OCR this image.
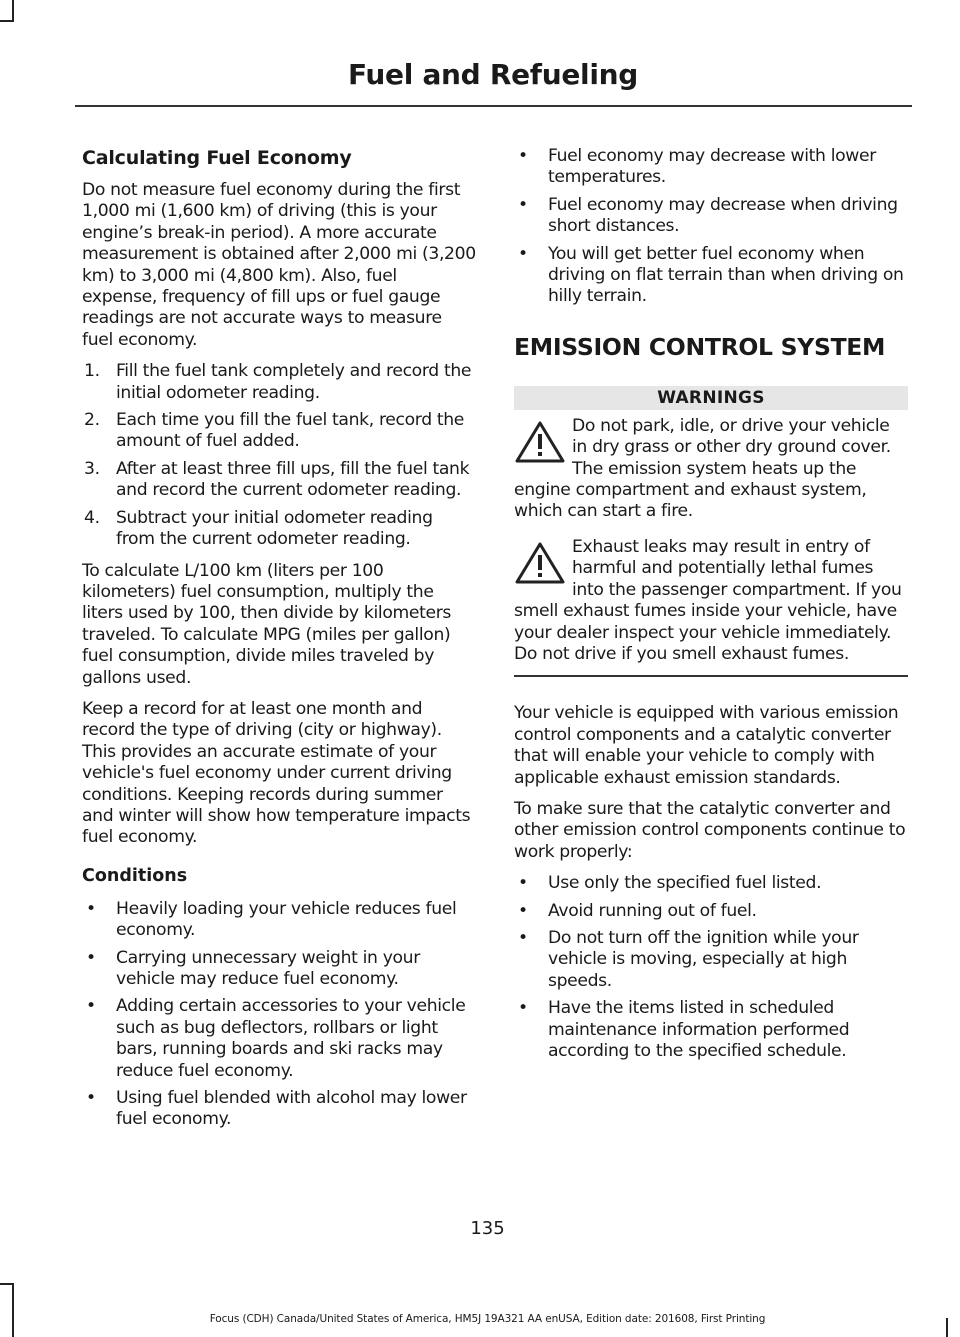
Fuel and Refueling
Calculating Fuel Economy

Do not measure fuel economy during the first 1,000 mi (1,600 km) of driving (this is your engine’s break-in period). A more accurate measurement is obtained after 2,000 mi (3,200 km) to 3,000 mi (4,800 km). Also, fuel expense, frequency of fill ups or fuel gauge readings are not accurate ways to measure fuel economy.

1. Fill the fuel tank completely and record the initial odometer reading.
2. Each time you fill the fuel tank, record the amount of fuel added.
3. After at least three fill ups, fill the fuel tank and record the current odometer reading.
4. Subtract your initial odometer reading from the current odometer reading.

To calculate L/100 km (liters per 100 kilometers) fuel consumption, multiply the liters used by 100, then divide by kilometers traveled. To calculate MPG (miles per gallon) fuel consumption, divide miles traveled by gallons used.

Keep a record for at least one month and record the type of driving (city or highway). This provides an accurate estimate of your vehicle's fuel economy under current driving conditions. Keeping records during summer and winter will show how temperature impacts fuel economy.

Conditions
• Heavily loading your vehicle reduces fuel economy.
• Carrying unnecessary weight in your vehicle may reduce fuel economy.
• Adding certain accessories to your vehicle such as bug deflectors, rollbars or light bars, running boards and ski racks may reduce fuel economy.
• Using fuel blended with alcohol may lower fuel economy.
• Fuel economy may decrease with lower temperatures.
• Fuel economy may decrease when driving short distances.
• You will get better fuel economy when driving on flat terrain than when driving on hilly terrain.
EMISSION CONTROL SYSTEM
WARNINGS

Do not park, idle, or drive your vehicle in dry grass or other dry ground cover. The emission system heats up the engine compartment and exhaust system, which can start a fire.

Exhaust leaks may result in entry of harmful and potentially lethal fumes into the passenger compartment. If you smell exhaust fumes inside your vehicle, have your dealer inspect your vehicle immediately. Do not drive if you smell exhaust fumes.

Your vehicle is equipped with various emission control components and a catalytic converter that will enable your vehicle to comply with applicable exhaust emission standards.

To make sure that the catalytic converter and other emission control components continue to work properly:

• Use only the specified fuel listed.
• Avoid running out of fuel.
• Do not turn off the ignition while your vehicle is moving, especially at high speeds.
• Have the items listed in scheduled maintenance information performed according to the specified schedule.
135
Focus (CDH) Canada/United States of America, HM5J 19A321 AA enUSA, Edition date: 201608, First Printing
